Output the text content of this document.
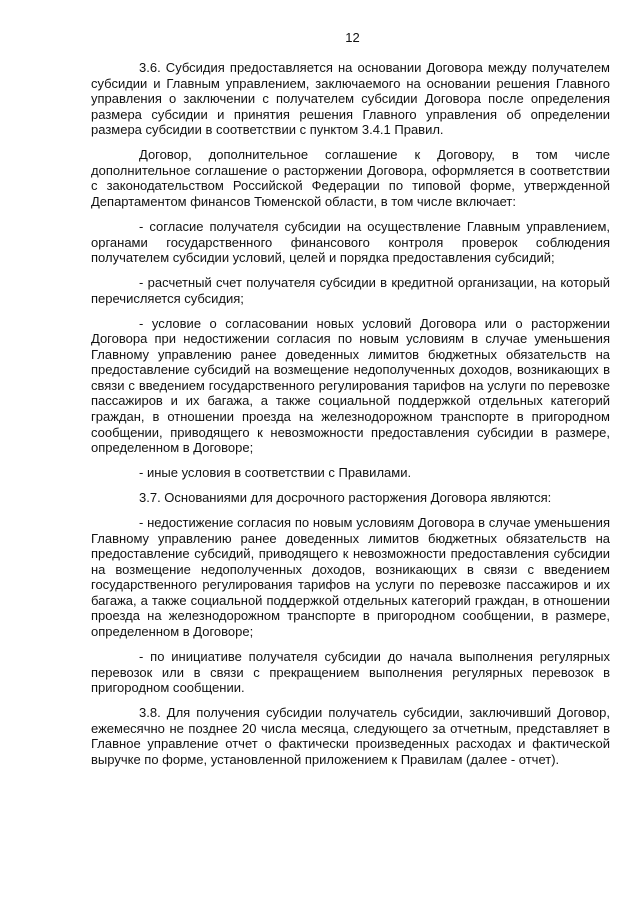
12

3.6. Субсидия предоставляется на основании Договора между получателем субсидии и Главным управлением, заключаемого на основании решения Главного управления о заключении с получателем субсидии Договора после определения размера субсидии и принятия решения Главного управления об определении размера субсидии в соответствии с пунктом 3.4.1 Правил.

Договор, дополнительное соглашение к Договору, в том числе дополнительное соглашение о расторжении Договора, оформляется в соответствии с законодательством Российской Федерации по типовой форме, утвержденной Департаментом финансов Тюменской области, в том числе включает:

- согласие получателя субсидии на осуществление Главным управлением, органами государственного финансового контроля проверок соблюдения получателем субсидии условий, целей и порядка предоставления субсидий;

- расчетный счет получателя субсидии в кредитной организации, на который перечисляется субсидия;

- условие о согласовании новых условий Договора или о расторжении Договора при недостижении согласия по новым условиям в случае уменьшения Главному управлению ранее доведенных лимитов бюджетных обязательств на предоставление субсидий на возмещение недополученных доходов, возникающих в связи с введением государственного регулирования тарифов на услуги по перевозке пассажиров и их багажа, а также социальной поддержкой отдельных категорий граждан, в отношении проезда на железнодорожном транспорте в пригородном сообщении, приводящего к невозможности предоставления субсидии в размере, определенном в Договоре;

- иные условия в соответствии с Правилами.

3.7. Основаниями для досрочного расторжения Договора являются:

- недостижение согласия по новым условиям Договора в случае уменьшения Главному управлению ранее доведенных лимитов бюджетных обязательств на предоставление субсидий, приводящего к невозможности предоставления субсидии на возмещение недополученных доходов, возникающих в связи с введением государственного регулирования тарифов на услуги по перевозке пассажиров и их багажа, а также социальной поддержкой отдельных категорий граждан, в отношении проезда на железнодорожном транспорте в пригородном сообщении, в размере, определенном в Договоре;

- по инициативе получателя субсидии до начала выполнения регулярных перевозок или в связи с прекращением выполнения регулярных перевозок в пригородном сообщении.

3.8. Для получения субсидии получатель субсидии, заключивший Договор, ежемесячно не позднее 20 числа месяца, следующего за отчетным, представляет в Главное управление отчет о фактически произведенных расходах и фактической выручке по форме, установленной приложением к Правилам (далее - отчет).
